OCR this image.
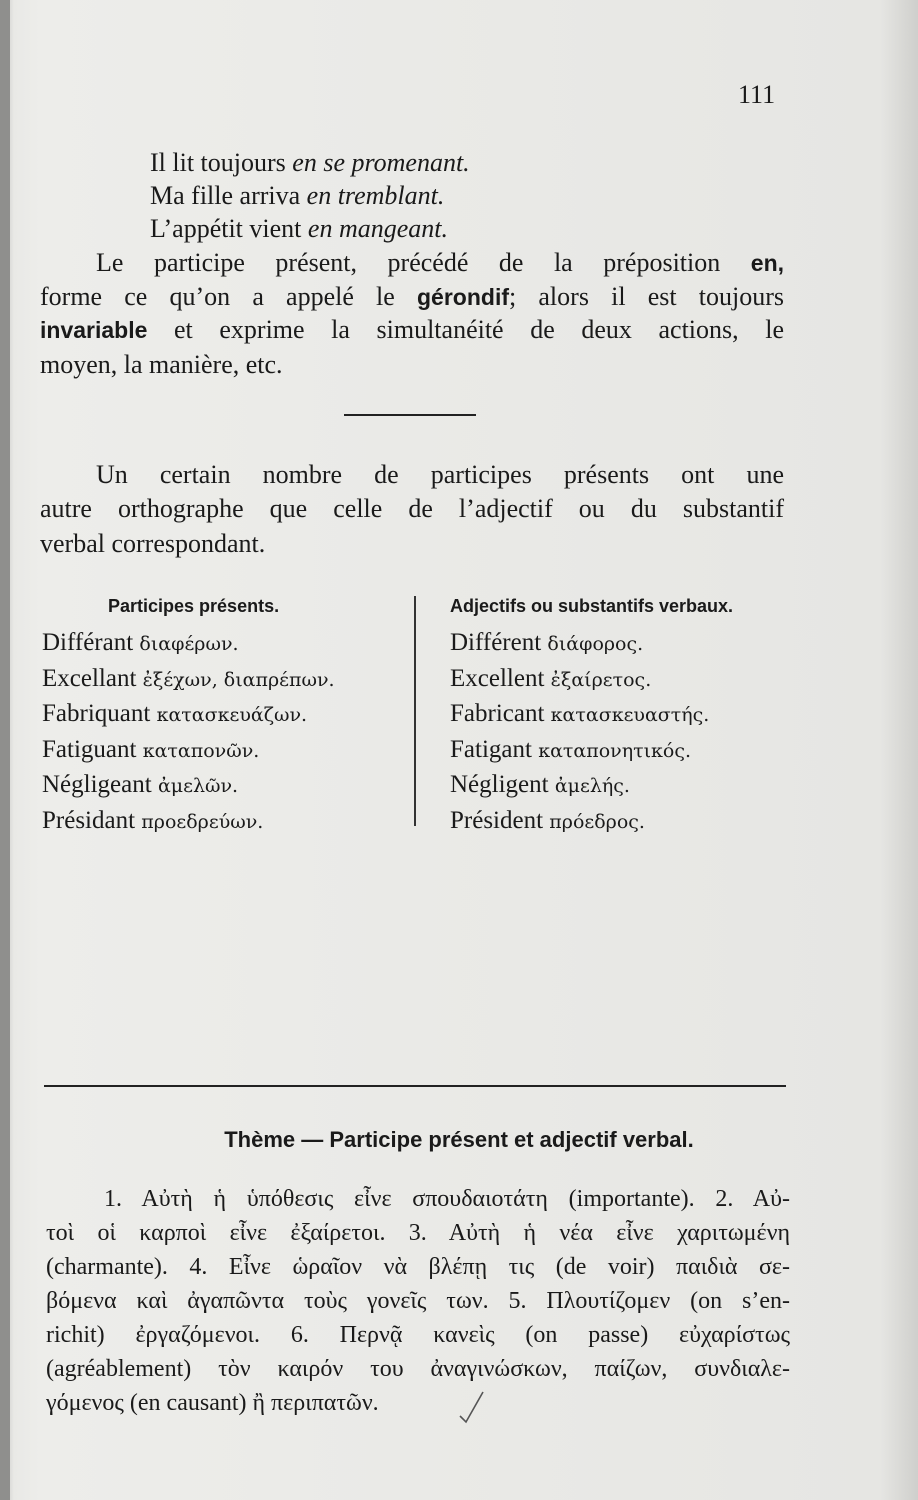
111
Il lit toujours en se promenant.
Ma fille arriva en tremblant.
L’appétit vient en mangeant.
Le participe présent, précédé de la préposition en,
forme ce qu’on a appelé le gérondif; alors il est toujours
invariable et exprime la simultanéité de deux actions, le
moyen, la manière, etc.
Un certain nombre de participes présents ont une
autre orthographe que celle de l’adjectif ou du substantif
verbal correspondant.
Participes présents.	Adjectifs ou substantifs verbaux.
Différant διαφέρων.
Excellant ἐξέχων, διαπρέπων.
Fabriquant κατασκευάζων.
Fatiguant καταπονῶν.
Négligeant ἀμελῶν.
Présidant προεδρεύων.
Différent διάφορος.
Excellent ἐξαίρετος.
Fabricant κατασκευαστής.
Fatigant καταπονητικός.
Négligent ἀμελής.
Président πρόεδρος.
Thème — Participe présent et adjectif verbal.
1. Αὐτὴ ἡ ὑπόθεσις εἶνε σπουδαιοτάτη (importante). 2. Αὐ-
τοὶ οἱ καρποὶ εἶνε ἐξαίρετοι. 3. Αὐτὴ ἡ νέα εἶνε χαριτωμένη
(charmante). 4. Εἶνε ὡραῖον νὰ βλέπῃ τις (de voir) παιδιὰ σε-
βόμενα καὶ ἀγαπῶντα τοὺς γονεῖς των. 5. Πλουτίζομεν (on s’en-
richit) ἐργαζόμενοι. 6. Περνᾷ κανεὶς (on passe) εὐχαρίστως
(agréablement) τὸν καιρόν του ἀναγινώσκων, παίζων, συνδιαλε-
γόμενος (en causant) ἢ περιπατῶν.
